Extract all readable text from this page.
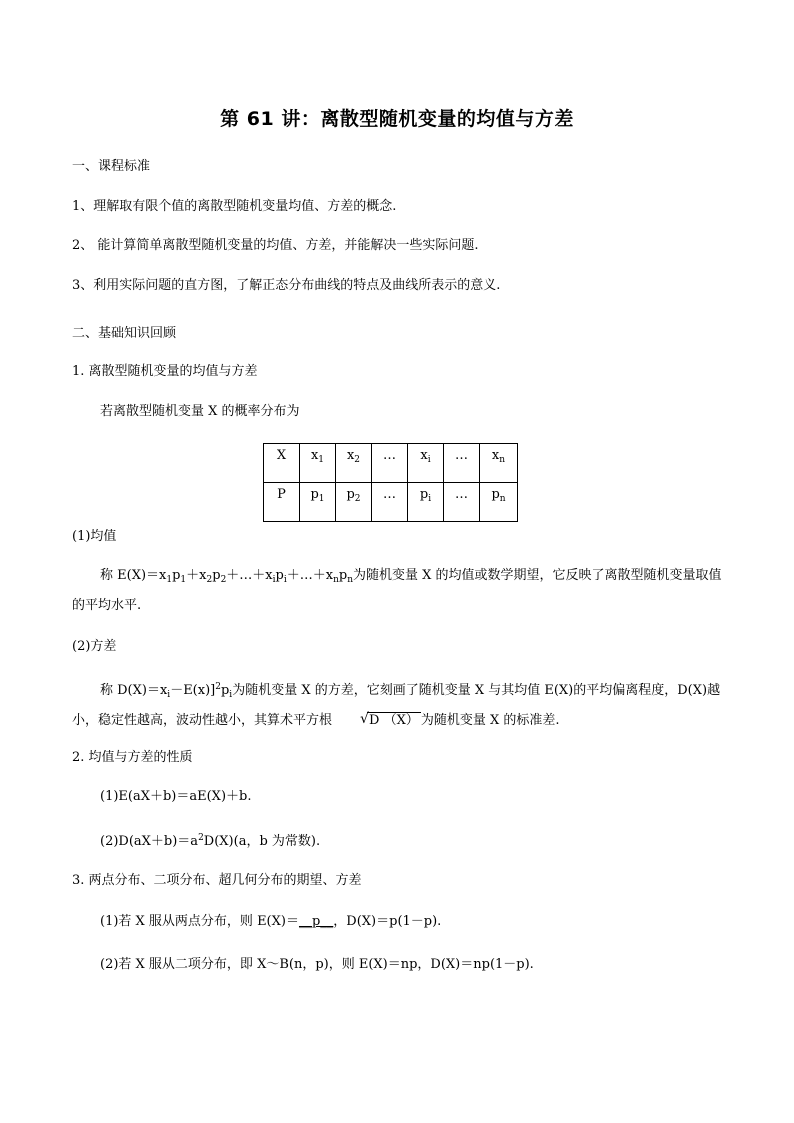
第 61 讲：离散型随机变量的均值与方差
一、课程标准
1、理解取有限个值的离散型随机变量均值、方差的概念.
2、 能计算简单离散型随机变量的均值、方差，并能解决一些实际问题.
3、利用实际问题的直方图，了解正态分布曲线的特点及曲线所表示的意义.
二、基础知识回顾
1. 离散型随机变量的均值与方差
若离散型随机变量 X 的概率分布为
X	$x_1$	$x_2$	…	$x_i$	…	$x_n$
P	$p_1$	$p_2$	…	$p_i$	…	$p_n$
(1)均值
称 $E(X)=x_1p_1+x_2p_2+\dots+x_ip_i+\dots+x_np_n$为随机变量 X 的均值或数学期望，它反映了离散型随机变量取值的平均水平.
(2)方差
称 $D(X)=x_i-E(x)]^2p_i$为随机变量 X 的方差，它刻画了随机变量 X 与其均值 E(X)的平均偏离程度，D(X)越小，稳定性越高，波动性越小，其算术平方根	√ D （X） 为随机变量 X 的标准差.
2. 均值与方差的性质
(1)E(aX＋b)＝aE(X)＋b.
$(2)D(aX+b)=a^2D(X)(a$，b 为常数).
3. 两点分布、二项分布、超几何分布的期望、方差
(1)若 X 服从两点分布，则 E(X)＝__p__，D(X)＝p(1－p).
(2)若 X 服从二项分布，即 X～B(n，p)，则 E(X)＝np，D(X)＝np(1－p).
